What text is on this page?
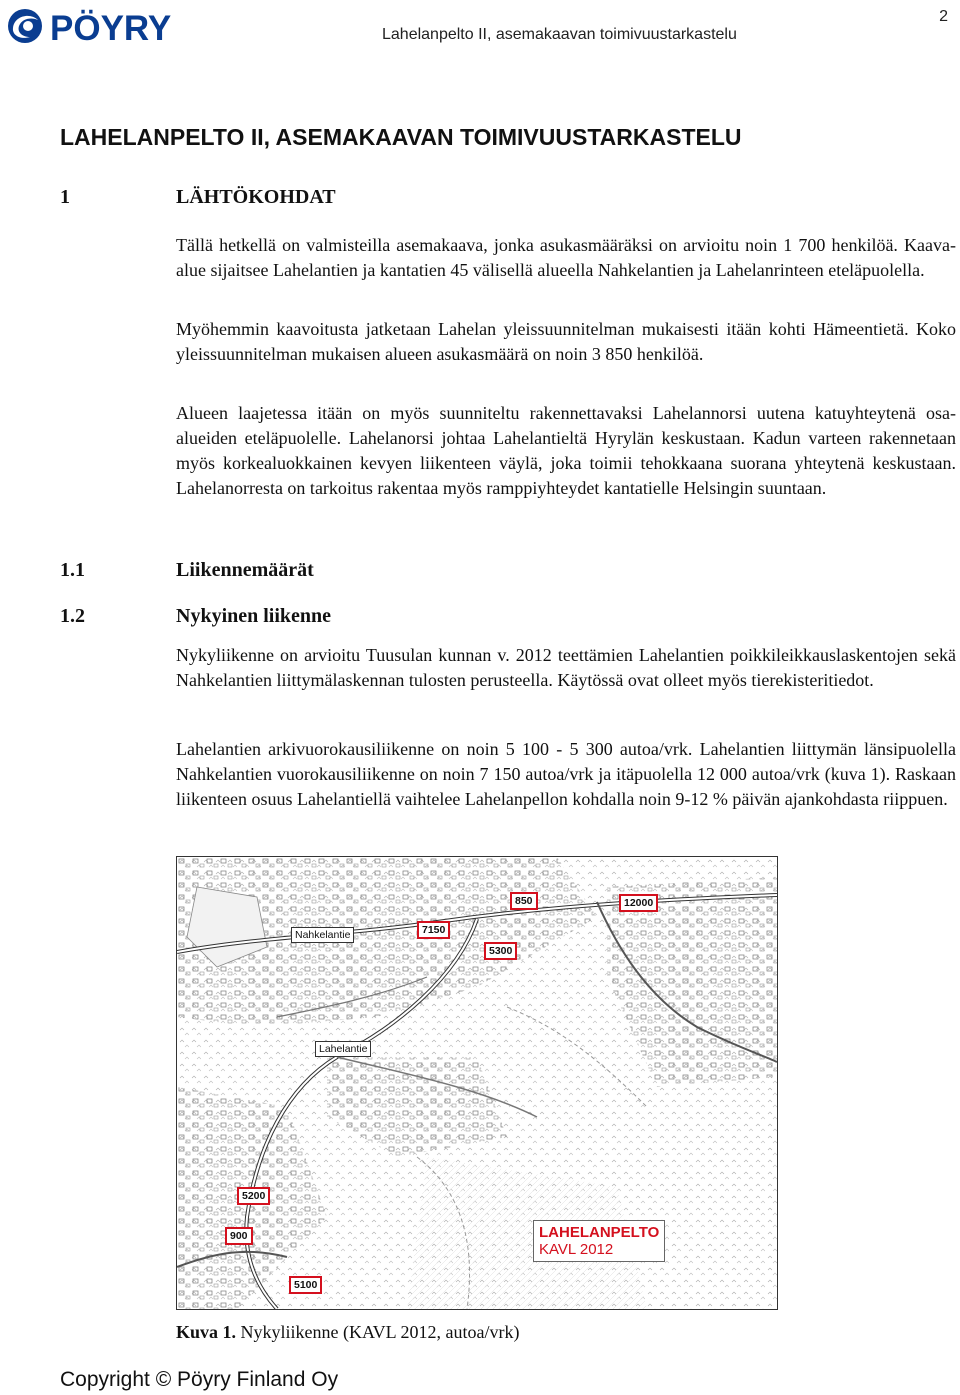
PÖYRY	Lahelanpelto II, asemakaavan toimivuustarkastelu
2
LAHELANPELTO II, ASEMAKAAVAN TOIMIVUUSTARKASTELU
1	LÄHTÖKOHDAT

Tällä hetkellä on valmisteilla asemakaava, jonka asukasmääräksi on arvioitu noin 1 700 henkilöä. Kaava-alue sijaitsee Lahelantien ja kantatien 45 välisellä alueella Nahkelantien ja Lahelanrinteen eteläpuolella.

Myöhemmin kaavoitusta jatketaan Lahelan yleissuunnitelman mukaisesti itään kohti Hämeentietä. Koko yleissuunnitelman mukaisen alueen asukasmäärä on noin 3 850 henkilöä.

Alueen laajetessa itään on myös suunniteltu rakennettavaksi Lahelannorsi uutena katuyhteytenä osa-alueiden eteläpuolelle. Lahelanorsi johtaa Lahelantieltä Hyrylän keskustaan. Kadun varteen rakennetaan myös korkealuokkainen kevyen liikenteen väylä, joka toimii tehokkaana suorana yhteytenä keskustaan. Lahelanorresta on tarkoitus rakentaa myös ramppiyhteydet kantatielle Helsingin suuntaan.

1.1	Liikennemäärät
1.2	Nykyinen liikenne

Nykyliikenne on arvioitu Tuusulan kunnan v. 2012 teettämien Lahelantien poikkileikkauslaskentojen sekä Nahkelantien liittymälaskennan tulosten perusteella. Käytössä ovat olleet myös tierekisteritiedot.

Lahelantien arkivuorokausiliikenne on noin 5 100 - 5 300 autoa/vrk. Lahelantien liittymän länsipuolella Nahkelantien vuorokausiliikenne on noin 7 150 autoa/vrk ja itäpuolella 12 000 autoa/vrk (kuva 1). Raskaan liikenteen osuus Lahelantiellä vaihtelee Lahelanpellon kohdalla noin 9-12 % päivän ajankohdasta riippuen.

Nahkelantie
Lahelantie
850	12000
7150
5300
5200
900
5100
LAHELANPELTO
KAVL 2012
Kuva 1. Nykyliikenne (KAVL 2012, autoa/vrk)
Copyright © Pöyry Finland Oy
